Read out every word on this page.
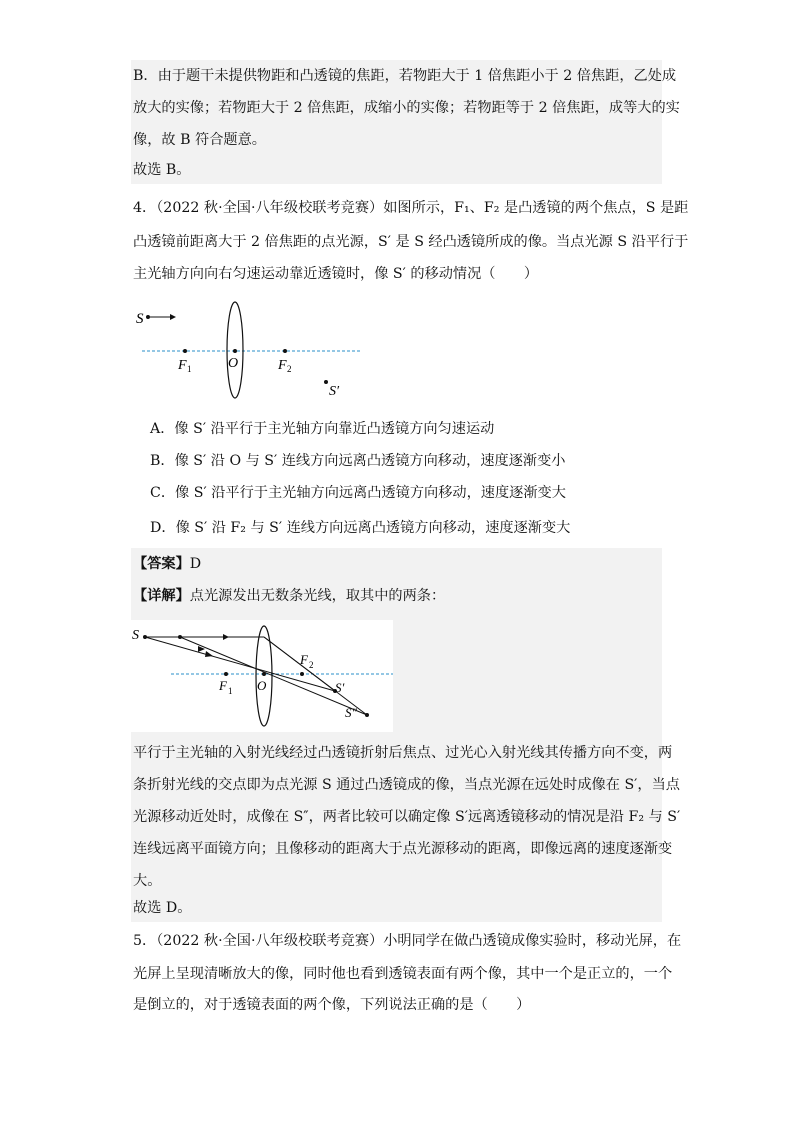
B．由于题干未提供物距和凸透镜的焦距，若物距大于 1 倍焦距小于 2 倍焦距，乙处成
放大的实像；若物距大于 2 倍焦距，成缩小的实像；若物距等于 2 倍焦距，成等大的实
像，故 B 符合题意。
故选 B。
4．（2022 秋·全国·八年级校联考竞赛）如图所示，F₁、F₂ 是凸透镜的两个焦点，S 是距
凸透镜前距离大于 2 倍焦距的点光源，S′ 是 S 经凸透镜所成的像。当点光源 S 沿平行于
主光轴方向向右匀速运动靠近透镜时，像 S′ 的移动情况（　　）
S
F 1	O	F 2
S′
A．像 S′ 沿平行于主光轴方向靠近凸透镜方向匀速运动
B．像 S′ 沿 O 与 S′ 连线方向远离凸透镜方向移动，速度逐渐变小
C．像 S′ 沿平行于主光轴方向远离凸透镜方向移动，速度逐渐变大
D．像 S′ 沿 F₂ 与 S′ 连线方向远离凸透镜方向移动，速度逐渐变大
【答案】D
【详解】点光源发出无数条光线，取其中的两条：
S
F 2
F 1 O	S′
S″
平行于主光轴的入射光线经过凸透镜折射后焦点、过光心入射光线其传播方向不变，两
条折射光线的交点即为点光源 S 通过凸透镜成的像，当点光源在远处时成像在 S′，当点
光源移动近处时，成像在 S″，两者比较可以确定像 S′远离透镜移动的情况是沿 F₂ 与 S′
连线远离平面镜方向；且像移动的距离大于点光源移动的距离，即像远离的速度逐渐变
大。
故选 D。
5．（2022 秋·全国·八年级校联考竞赛）小明同学在做凸透镜成像实验时，移动光屏，在
光屏上呈现清晰放大的像，同时他也看到透镜表面有两个像，其中一个是正立的，一个
是倒立的，对于透镜表面的两个像，下列说法正确的是（　　）
